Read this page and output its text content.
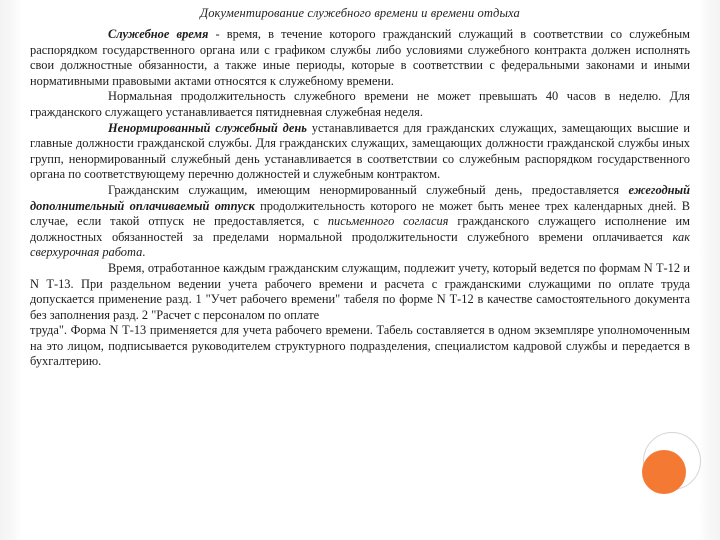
Документирование служебного времени и времени отдыха

Служебное время - время, в течение которого гражданский служащий в соответствии со служебным распорядком государственного органа или с графиком службы либо условиями служебного контракта должен исполнять свои должностные обязанности, а также иные периоды, которые в соответствии с федеральными законами и иными нормативными правовыми актами относятся к служебному времени.

Нормальная продолжительность служебного времени не может превышать 40 часов в неделю. Для гражданского служащего устанавливается пятидневная служебная неделя.

Ненормированный служебный день устанавливается для гражданских служащих, замещающих высшие и главные должности гражданской службы. Для гражданских служащих, замещающих должности гражданской службы иных групп, ненормированный служебный день устанавливается в соответствии со служебным распорядком государственного органа по соответствующему перечню должностей и служебным контрактом.

Гражданским служащим, имеющим ненормированный служебный день, предоставляется ежегодный дополнительный оплачиваемый отпуск продолжительность которого не может быть менее трех календарных дней. В случае, если такой отпуск не предоставляется, с письменного согласия гражданского служащего исполнение им должностных обязанностей за пределами нормальной продолжительности служебного времени оплачивается как сверхурочная работа.

Время, отработанное каждым гражданским служащим, подлежит учету, который ведется по формам N Т-12 и N Т-13. При раздельном ведении учета рабочего времени и расчета с гражданскими служащими по оплате труда допускается применение разд. 1 "Учет рабочего времени" табеля по форме N Т-12 в качестве самостоятельного документа без заполнения разд. 2 "Расчет с персоналом по оплате

труда". Форма N Т-13 применяется для учета рабочего времени. Табель составляется в одном экземпляре уполномоченным на это лицом, подписывается руководителем структурного подразделения, специалистом кадровой службы и передается в бухгалтерию.
